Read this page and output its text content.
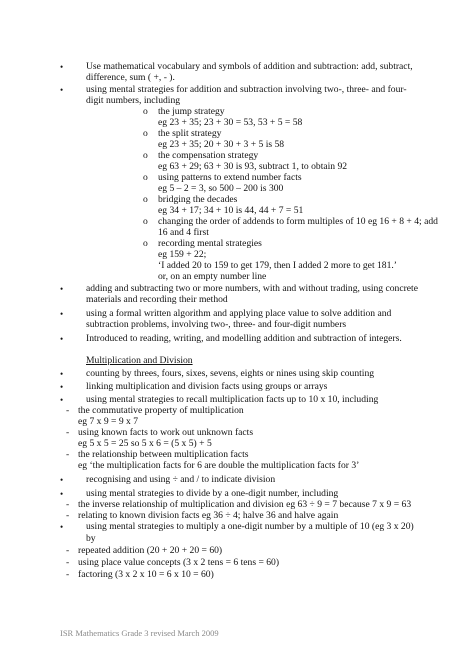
• Use mathematical vocabulary and symbols of addition and subtraction: add, subtract,
difference, sum ( +, - ).
• using mental strategies for addition and subtraction involving two-, three- and four-
digit numbers, including
o the jump strategy
eg 23 + 35; 23 + 30 = 53, 53 + 5 = 58
o the split strategy
eg 23 + 35; 20 + 30 + 3 + 5 is 58
o the compensation strategy
eg 63 + 29; 63 + 30 is 93, subtract 1, to obtain 92
o using patterns to extend number facts
eg 5 – 2 = 3, so 500 – 200 is 300
o bridging the decades
eg 34 + 17; 34 + 10 is 44, 44 + 7 = 51
o changing the order of addends to form multiples of 10 eg 16 + 8 + 4; add
16 and 4 first
o recording mental strategies
eg 159 + 22;
‘I added 20 to 159 to get 179, then I added 2 more to get 181.’
or, on an empty number line
• adding and subtracting two or more numbers, with and without trading, using concrete
materials and recording their method
• using a formal written algorithm and applying place value to solve addition and
subtraction problems, involving two-, three- and four-digit numbers
• Introduced to reading, writing, and modelling addition and subtraction of integers.
Multiplication and Division
• counting by threes, fours, sixes, sevens, eights or nines using skip counting
• linking multiplication and division facts using groups or arrays
• using mental strategies to recall multiplication facts up to 10 x 10, including
- the commutative property of multiplication
eg 7 x 9 = 9 x 7
- using known facts to work out unknown facts
eg 5 x 5 = 25 so 5 x 6 = (5 x 5) + 5
- the relationship between multiplication facts
eg ‘the multiplication facts for 6 are double the multiplication facts for 3’
• recognising and using ÷ and / to indicate division
• using mental strategies to divide by a one-digit number, including
- the inverse relationship of multiplication and division eg 63 ÷ 9 = 7 because 7 x 9 = 63
- relating to known division facts eg 36 ÷ 4; halve 36 and halve again
• using mental strategies to multiply a one-digit number by a multiple of 10 (eg 3 x 20)
by
- repeated addition (20 + 20 + 20 = 60)
- using place value concepts (3 x 2 tens = 6 tens = 60)
- factoring (3 x 2 x 10 = 6 x 10 = 60)
ISR Mathematics Grade 3 revised March 2009
